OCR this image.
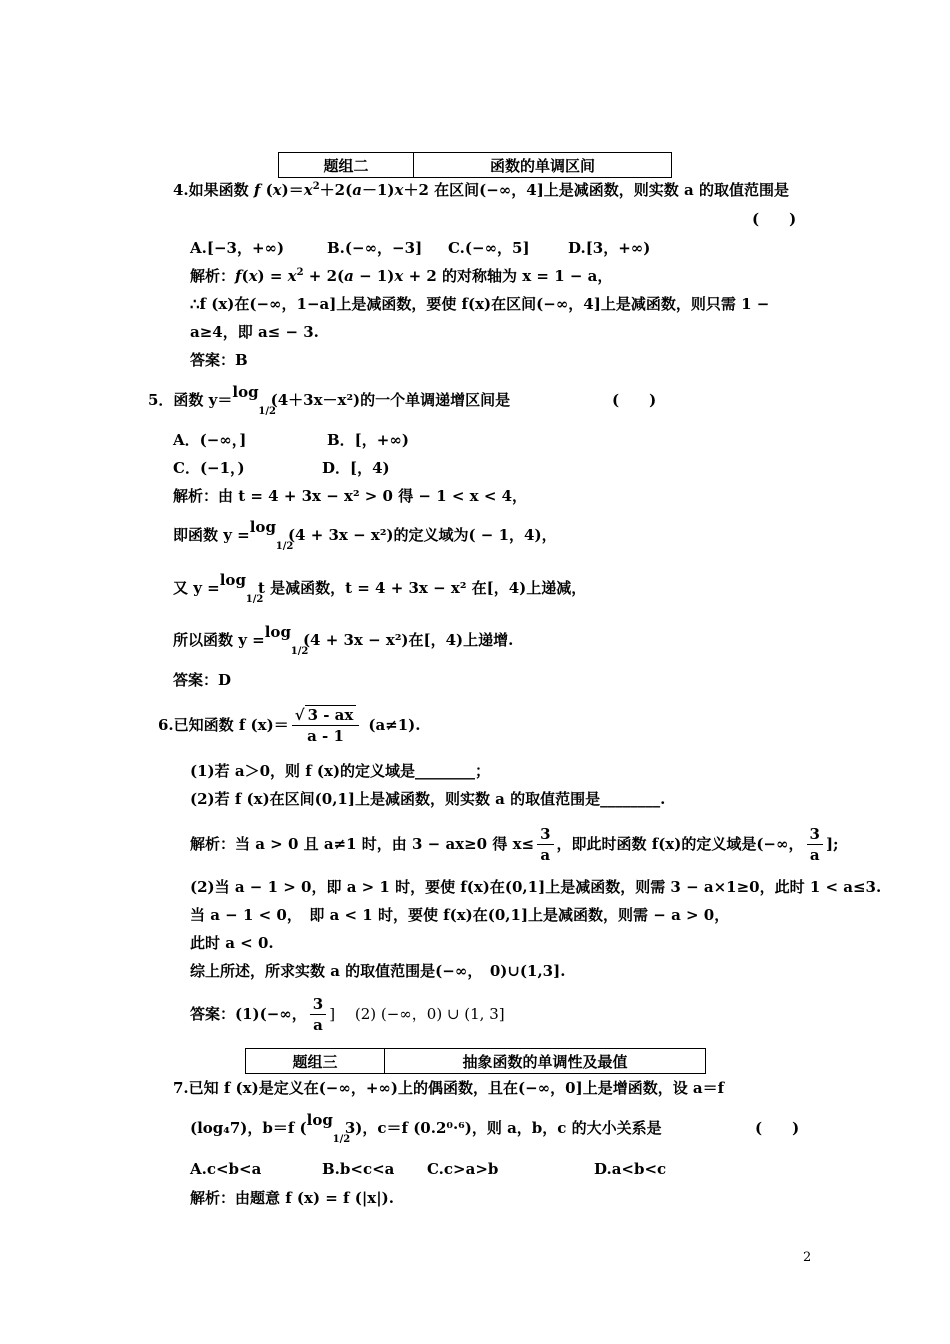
题组二	函数的单调区间
4.如果函数 f $(x)=x^2+2(a-1)x+2$ 在区间(−∞，4]上是减函数，则实数 a 的取值范围是
(　　)
A.[−3，+∞)	B.(−∞，−3] C.(−∞，5]	D.[3，+∞)
解析：$f(x) = x^2 + 2(a - 1)x + 2$ 的对称轴为 x = 1 − a，
∴f (x)在(−∞，1−a]上是减函数，要使 f(x)在区间(−∞，4]上是减函数，则只需 1 −
a≥4，即 a≤ − 3.
答案：B
5．函数 y＝log
1/2
(4＋3x－x²)的一个单调递增区间是	(　　)
A．(−∞，]	B．[，+∞)
C．(−1，)	D．[，4)
解析：由 t = 4 + 3x − x² > 0 得 − 1 < x < 4，
即函数 y =log
1/2
(4 + 3x − x²)的定义域为( − 1，4)，
又 y =log
1/2
t 是减函数，t = 4 + 3x − x² 在[，4)上递减，
所以函数 y =log
1/2
(4 + 3x − x²)在[，4)上递增.
答案：D
6.已知函数 f $(x)= \frac{√ 3 - ax}{a - 1} (a\ne 1)$.
(1)若 a＞0，则 f (x)的定义域是________；
(2)若 f (x)在区间(0,1]上是减函数，则实数 a 的取值范围是________.
解析：当 a > 0 且 a≠1 时，由 3 − ax≥0 得 $x\le \frac{3}{a}$ ，即此时函数 f(x)的定义域是(−∞， $\frac{3}{a}$ ];
(2)当 a − 1 > 0，即 a > 1 时，要使 f(x)在(0,1]上是减函数，则需 3 − a×1≥0，此时 1 < a≤3.
当 a − 1 < 0，　即 a < 1 时，要使 f(x)在(0,1]上是减函数，则需 − a > 0，
此时 a < 0.
综上所述，所求实数 a 的取值范围是(−∞，　0)∪(1,3].
答案：(1)(−∞， $\frac{3}{a}$ ]　 (2) (−∞，0) ∪ (1, 3]
题组三	抽象函数的单调性及最值
7.已知 f (x)是定义在(−∞，+∞)上的偶函数，且在(−∞，0]上是增函数，设 a＝f
(log₄7)，b＝f (log
1/2
3)，c＝f (0.2⁰·⁶)，则 a，b，c 的大小关系是	(　　)
A.c<b<a	B.b<c<a C.c>a>b	D.a<b<c
解析：由题意 f (x) = f (|x|).
2
